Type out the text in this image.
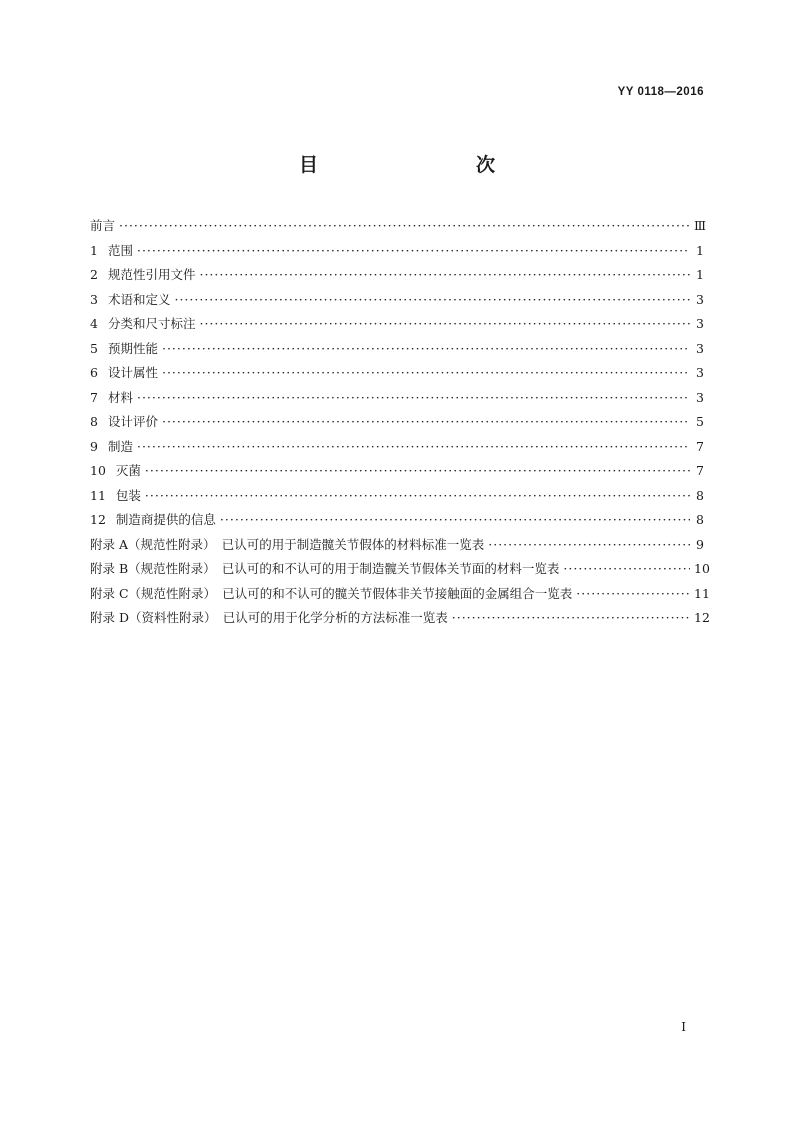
YY 0118—2016
目　　次
前言 ·····	Ⅲ
1 范围 ·····	1
2 规范性引用文件 ·····	1
3 术语和定义 ·····	3
4 分类和尺寸标注 ·····	3
5 预期性能 ·····	3
6 设计属性 ·····	3
7 材料 ·····	3
8 设计评价 ·····	5
9 制造 ·····	7
10 灭菌 ·····	7
11 包装 ·····	8
12 制造商提供的信息 ·····	8
附录 A（规范性附录）　已认可的用于制造髋关节假体的材料标准一览表 ·····	9
附录 B（规范性附录）　已认可的和不认可的用于制造髋关节假体关节面的材料一览表 ·····	10
附录 C（规范性附录）　已认可的和不认可的髋关节假体非关节接触面的金属组合一览表 ·····	11
附录 D（资料性附录）　已认可的用于化学分析的方法标准一览表 ·····	12
I
